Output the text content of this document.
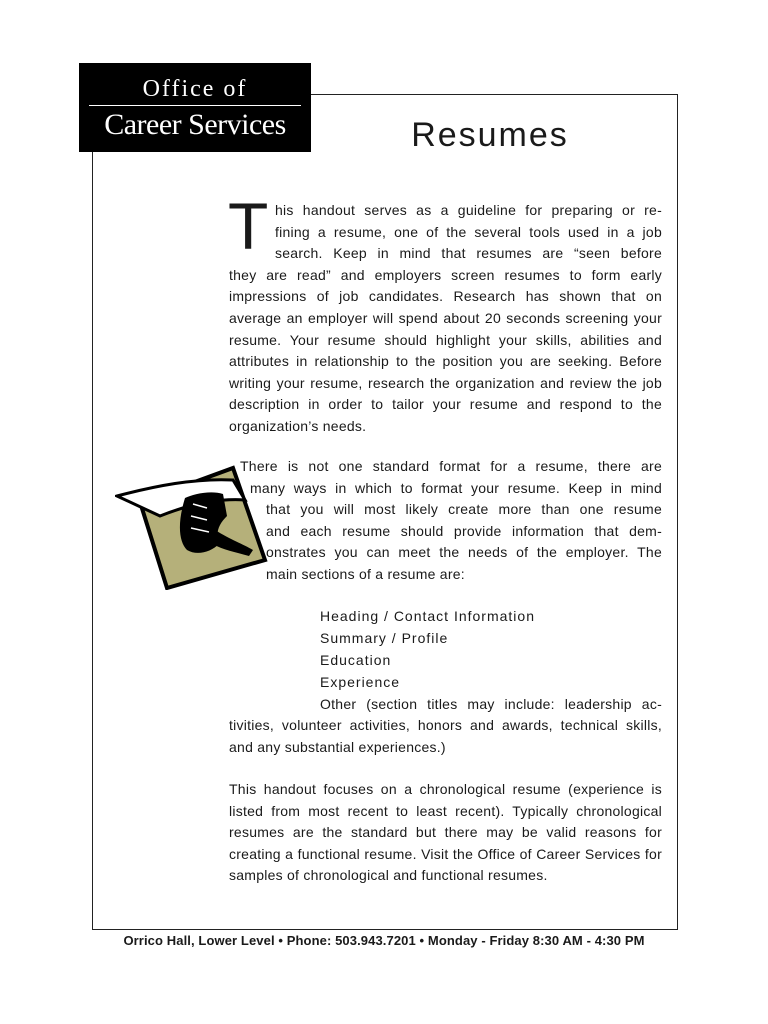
Office of
Career Services	Resumes
T his handout serves as a guideline for preparing or re-
fining a resume, one of the several tools used in a job
search. Keep in mind that resumes are “seen before
they are read” and employers screen resumes to form early impressions of job candidates. Research has shown that on average an employer will spend about 20 seconds screening your resume. Your resume should highlight your skills, abilities and attributes in relationship to the position you are seeking. Before writing your resume, research the organization and review the job description in order to tailor your resume and respond to the organization’s needs.
There is not one standard format for a resume, there are
many ways in which to format your resume. Keep in mind
that you will most likely create more than one resume
and each resume should provide information that dem-
onstrates you can meet the needs of the employer. The
main sections of a resume are:
Heading / Contact Information
Summary / Profile
Education
Experience
Other (section titles may include: leadership ac-
tivities, volunteer activities, honors and awards, technical skills, and any substantial experiences.)
This handout focuses on a chronological resume (experience is listed from most recent to least recent). Typically chronological resumes are the standard but there may be valid reasons for creating a functional resume. Visit the Office of Career Services for samples of chronological and functional resumes.
Orrico Hall, Lower Level • Phone: 503.943.7201 • Monday - Friday 8:30 AM - 4:30 PM
